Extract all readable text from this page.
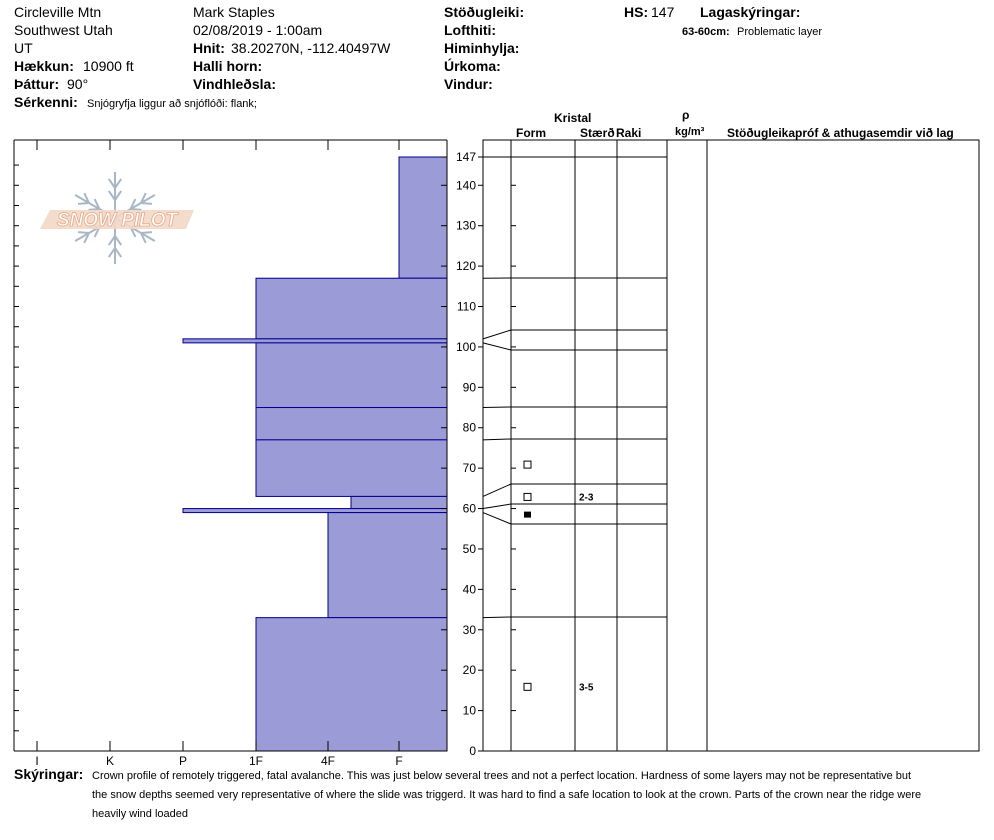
Circleville Mtn
Southwest Utah
UT
Hækkun: 10900 ft
Þáttur: 90°
Sérkenni: Snjógryfja liggur að snjóflóði: flank;
Mark Staples
02/08/2019 - 1:00am
Hnit: 38.20270N, -112.40497W
Halli horn:
Vindhleðsla:
Stöðugleiki:
Lofthiti:
Himinhylja:
Úrkoma:
Vindur:
HS: 147 Lagaskýringar:
63-60cm: Problematic layer
Kristal
Form	Stærð Raki
ρ
kg/m³ Stöðugleikapróf & athugasemdir við lag
SNOW PILOT
I	K	P	1F	4F	F
0
10
20
30
40
50
60
70
80
90
100
110
120
130
140
147
2-3
3-5
Skýringar: Crown profile of remotely triggered, fatal avalanche. This was just below several trees and not a perfect location. Hardness of some layers may not be representative but
the snow depths seemed very representative of where the slide was triggerd. It was hard to find a safe location to look at the crown. Parts of the crown near the ridge were
heavily wind loaded
